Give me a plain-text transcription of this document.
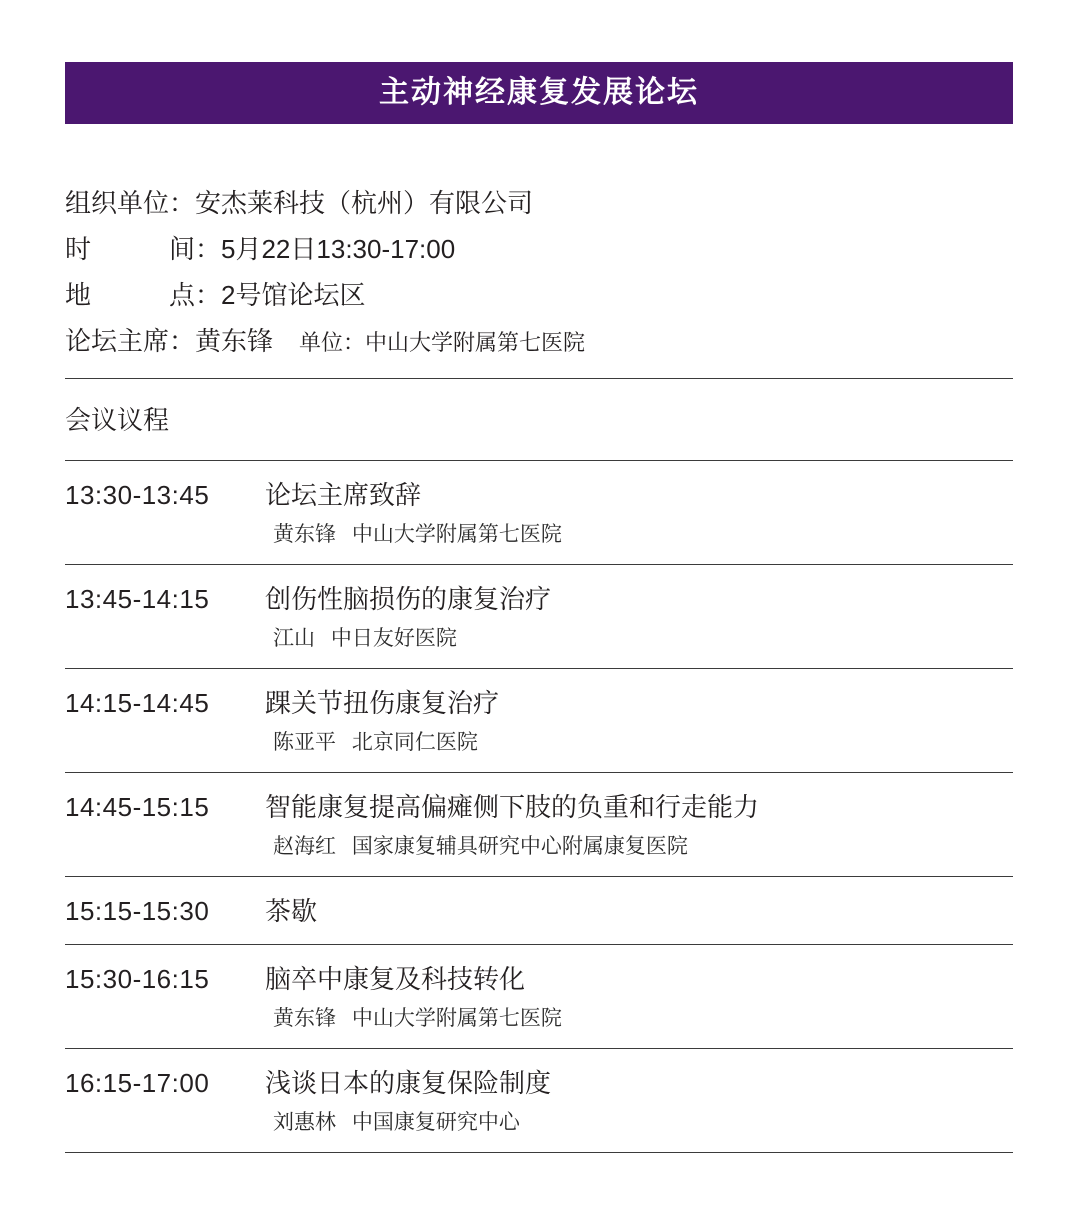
主动神经康复发展论坛
组织单位： 安杰莱科技（杭州）有限公司
时　　　间： 5月22日13:30-17:00
地　　　点： 2号馆论坛区
论坛主席： 黄东锋 单位： 中山大学附属第七医院
会议议程
13:30-13:45	论坛主席致辞
黄东锋 中山大学附属第七医院
13:45-14:15	创伤性脑损伤的康复治疗
江山 中日友好医院
14:15-14:45	踝关节扭伤康复治疗
陈亚平 北京同仁医院
14:45-15:15	智能康复提高偏瘫侧下肢的负重和行走能力
赵海红 国家康复辅具研究中心附属康复医院
15:15-15:30	茶歇
15:30-16:15	脑卒中康复及科技转化
黄东锋 中山大学附属第七医院
16:15-17:00	浅谈日本的康复保险制度
刘惠林 中国康复研究中心
